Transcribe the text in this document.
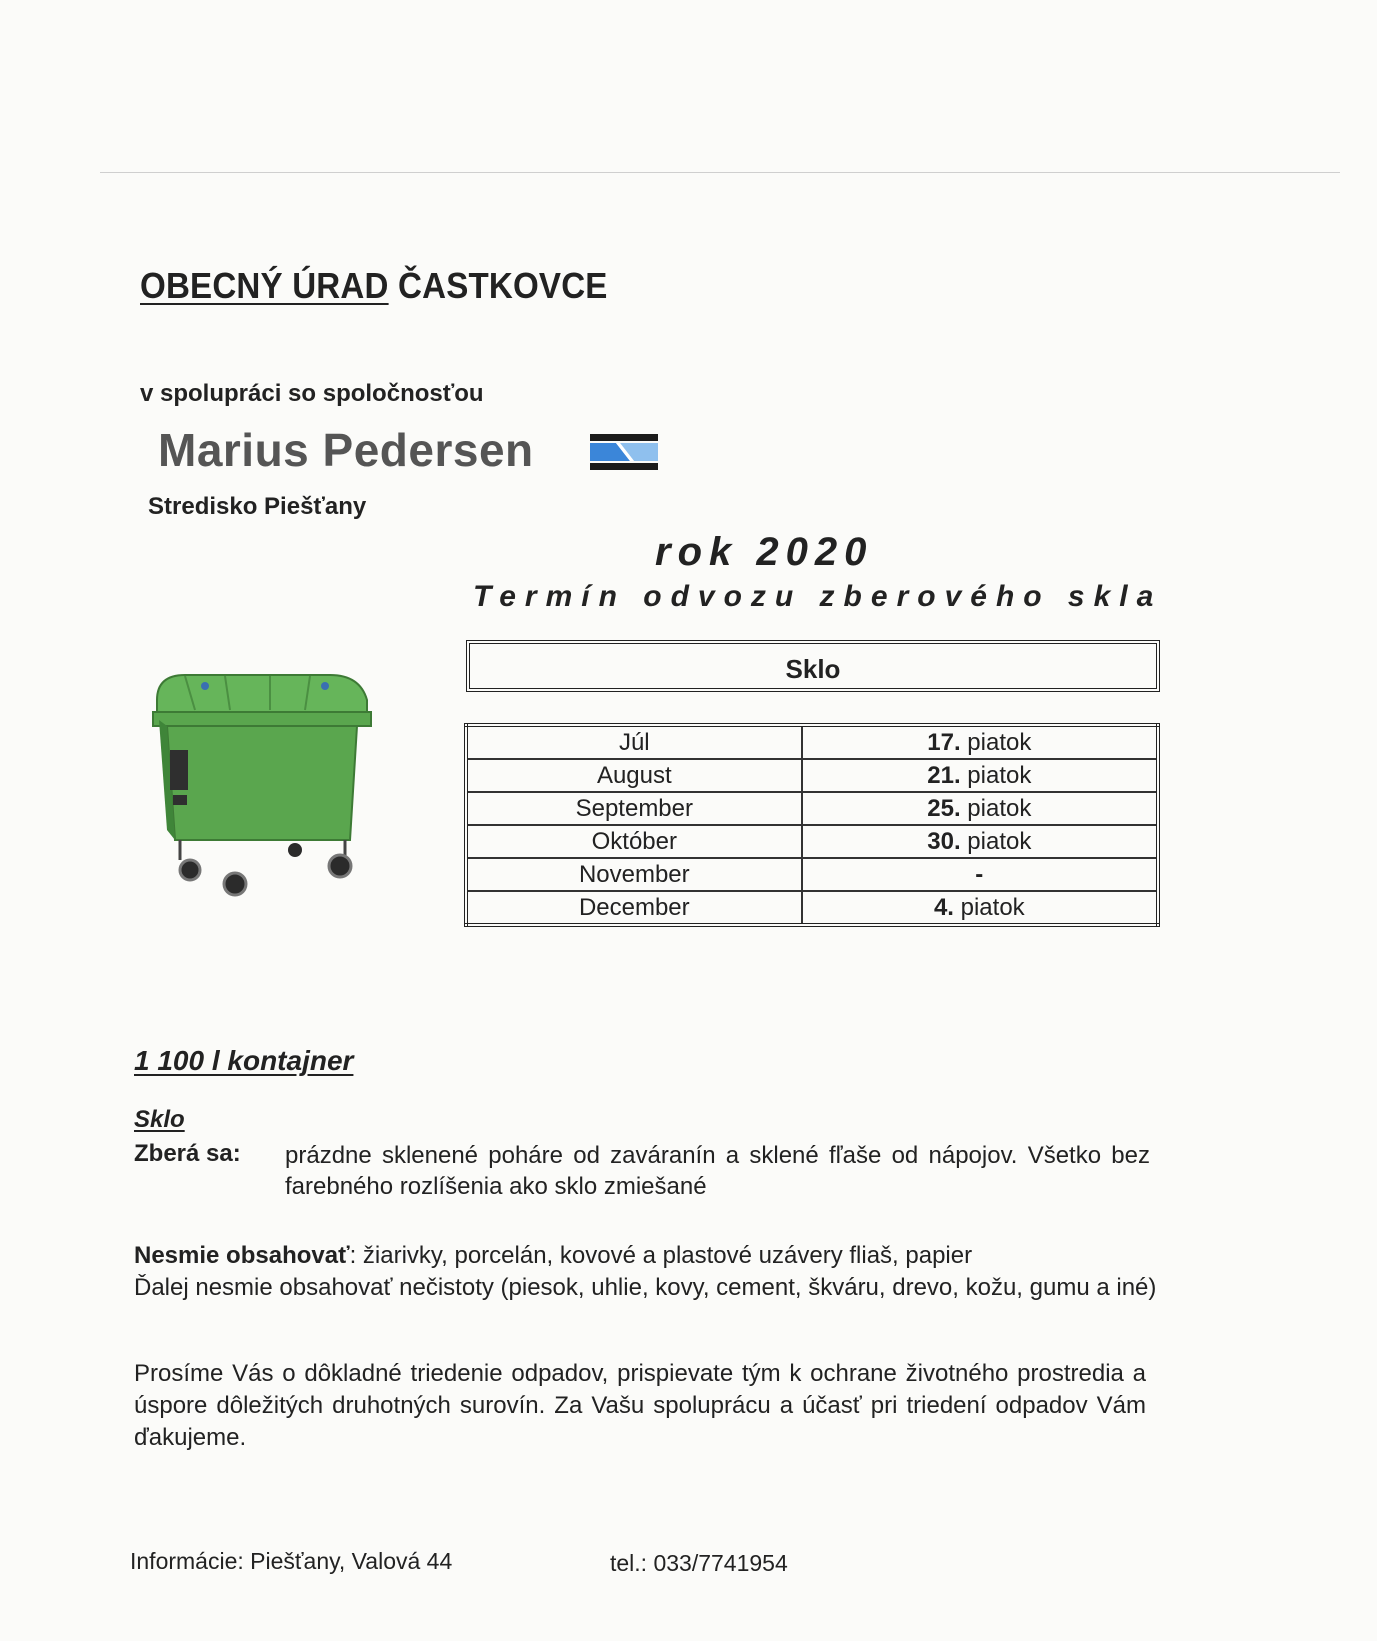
OBECNÝ ÚRAD ČASTKOVCE
v spolupráci so spoločnosťou
Marius Pedersen
Stredisko Piešťany
rok 2020
Termín odvozu zberového skla
Sklo
Júl	17. piatok
August	21. piatok
September	25. piatok
Október	30. piatok
November	-
December	4. piatok
1 100 l kontajner
Sklo
Zberá sa: prázdne sklenené poháre od zaváranín a sklené fľaše od nápojov. Všetko bez farebného rozlíšenia ako sklo zmiešané
Nesmie obsahovať: žiarivky, porcelán, kovové a plastové uzávery fliaš, papier
Ďalej nesmie obsahovať nečistoty (piesok, uhlie, kovy, cement, škváru, drevo, kožu, gumu a iné)
Prosíme Vás o dôkladné triedenie odpadov, prispievate tým k ochrane životného prostredia a úspore dôležitých druhotných surovín. Za Vašu spoluprácu a účasť pri triedení odpadov Vám ďakujeme.
Informácie: Piešťany, Valová 44	tel.: 033/7741954
